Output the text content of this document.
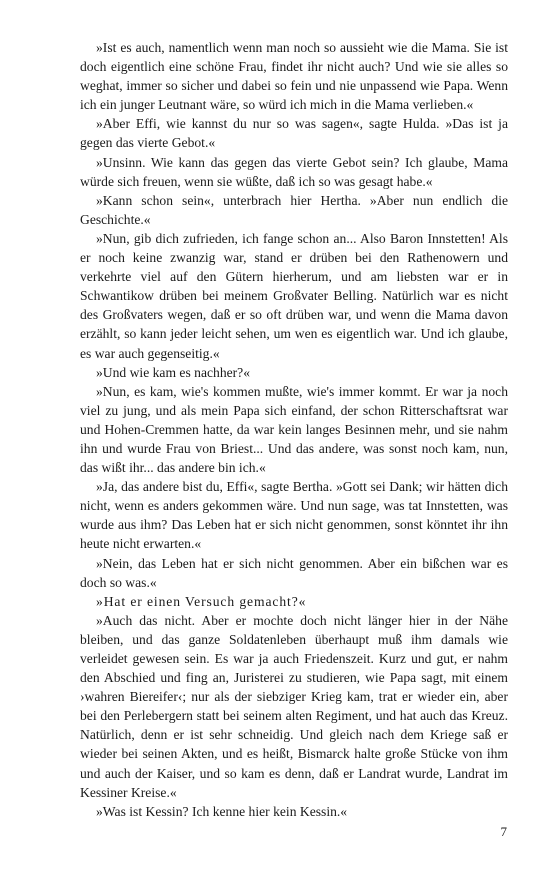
»Ist es auch, namentlich wenn man noch so aussieht wie die Mama. Sie ist doch eigentlich eine schöne Frau, findet ihr nicht auch? Und wie sie alles so weghat, immer so sicher und dabei so fein und nie unpassend wie Papa. Wenn ich ein junger Leutnant wäre, so würd ich mich in die Mama verlieben.«

»Aber Effi, wie kannst du nur so was sagen«, sagte Hulda. »Das ist ja gegen das vierte Gebot.«

»Unsinn. Wie kann das gegen das vierte Gebot sein? Ich glaube, Mama würde sich freuen, wenn sie wüßte, daß ich so was gesagt habe.«

»Kann schon sein«, unterbrach hier Hertha. »Aber nun endlich die Geschichte.«

»Nun, gib dich zufrieden, ich fange schon an... Also Baron Innstetten! Als er noch keine zwanzig war, stand er drüben bei den Rathenowern und verkehrte viel auf den Gütern hierherum, und am liebsten war er in Schwantikow drüben bei meinem Großvater Belling. Natürlich war es nicht des Großvaters wegen, daß er so oft drüben war, und wenn die Mama davon erzählt, so kann jeder leicht sehen, um wen es eigentlich war. Und ich glaube, es war auch gegenseitig.«

»Und wie kam es nachher?«

»Nun, es kam, wie's kommen mußte, wie's immer kommt. Er war ja noch viel zu jung, und als mein Papa sich einfand, der schon Ritterschaftsrat war und Hohen-Cremmen hatte, da war kein langes Besinnen mehr, und sie nahm ihn und wurde Frau von Briest... Und das andere, was sonst noch kam, nun, das wißt ihr... das andere bin ich.«

»Ja, das andere bist du, Effi«, sagte Bertha. »Gott sei Dank; wir hätten dich nicht, wenn es anders gekommen wäre. Und nun sage, was tat Innstetten, was wurde aus ihm? Das Leben hat er sich nicht genommen, sonst könntet ihr ihn heute nicht erwarten.«

»Nein, das Leben hat er sich nicht genommen. Aber ein bißchen war es doch so was.«

»Hat er einen Versuch gemacht?«

»Auch das nicht. Aber er mochte doch nicht länger hier in der Nähe bleiben, und das ganze Soldatenleben überhaupt muß ihm damals wie verleidet gewesen sein. Es war ja auch Friedenszeit. Kurz und gut, er nahm den Abschied und fing an, Juristerei zu studieren, wie Papa sagt, mit einem ›wahren Biereifer‹; nur als der siebziger Krieg kam, trat er wieder ein, aber bei den Perlebergern statt bei seinem alten Regiment, und hat auch das Kreuz. Natürlich, denn er ist sehr schneidig. Und gleich nach dem Kriege saß er wieder bei seinen Akten, und es heißt, Bismarck halte große Stücke von ihm und auch der Kaiser, und so kam es denn, daß er Landrat wurde, Landrat im Kessiner Kreise.«

»Was ist Kessin? Ich kenne hier kein Kessin.«

7
